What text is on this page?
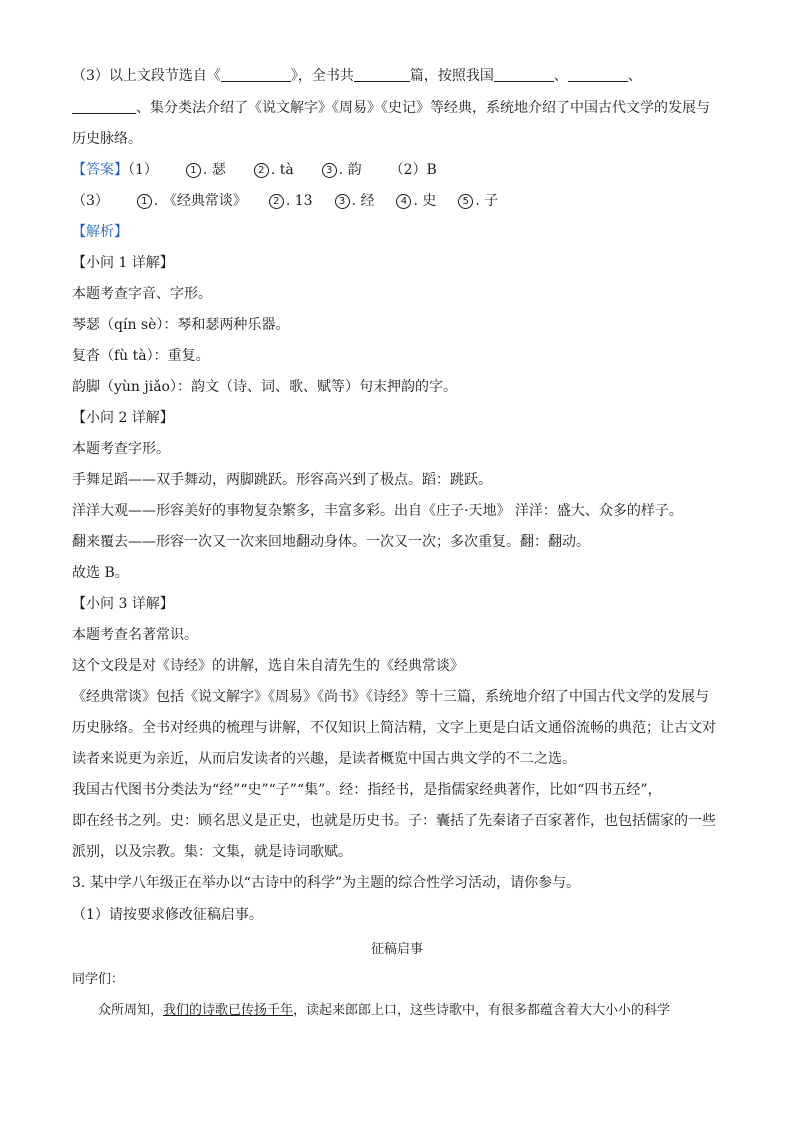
（3）以上文段节选自《	》，全书共	篇，按照我国	、	、
、集分类法介绍了《说文解字》《周易》《史记》等经典，系统地介绍了中国古代文学的发展与
历史脉络。
【答案】（1）	1 . 瑟	2 . tà	3 . 韵 （2）B
（3）	1 . 《经典常谈》	2 . 13	3 . 经	4 . 史	5 . 子
【解析】
【小问 1 详解】
本题考查字音、字形。
琴瑟（qín sè）：琴和瑟两种乐器。
复沓（fù tà）：重复。
韵脚（yùn jiǎo）：韵文（诗、词、歌、赋等）句末押韵的字。
【小问 2 详解】
本题考查字形。
手舞足蹈——双手舞动，两脚跳跃。形容高兴到了极点。蹈：跳跃。
洋洋大观——形容美好的事物复杂繁多，丰富多彩。出自《庄子·天地》 洋洋：盛大、众多的样子。
翻来覆去——形容一次又一次来回地翻动身体。一次又一次；多次重复。翻：翻动。
故选 B。
【小问 3 详解】
本题考查名著常识。
这个文段是对《诗经》的讲解，选自朱自清先生的《经典常谈》
《经典常谈》包括《说文解字》《周易》《尚书》《诗经》等十三篇，系统地介绍了中国古代文学的发展与
历史脉络。全书对经典的梳理与讲解，不仅知识上简洁精，文字上更是白话文通俗流畅的典范；让古文对
读者来说更为亲近，从而启发读者的兴趣，是读者概览中国古典文学的不二之选。
我国古代图书分类法为“经”“史”“子”“集”。经：指经书，是指儒家经典著作，比如“四书五经”，
即在经书之列。史：顾名思义是正史，也就是历史书。子：囊括了先秦诸子百家著作，也包括儒家的一些
派别，以及宗教。集：文集，就是诗词歌赋。
3. 某中学八年级正在举办以“古诗中的科学”为主题的综合性学习活动，请你参与。
（1）请按要求修改征稿启事。
征稿启事
同学们：
众所周知，我们的诗歌已传扬千年，读起来郎郎上口，这些诗歌中，有很多都蕴含着大大小小的科学
